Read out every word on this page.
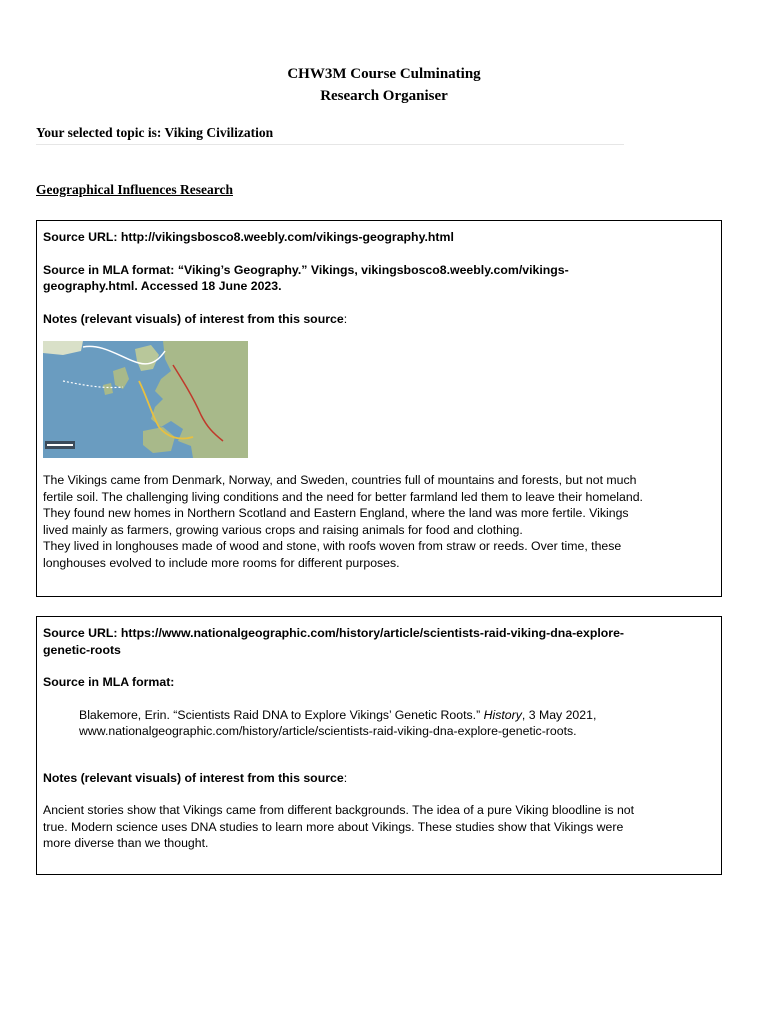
CHW3M Course Culminating
Research Organiser
Your selected topic is: Viking Civilization
Geographical Influences Research

Source URL: http://vikingsbosco8.weebly.com/vikings-geography.html

Source in MLA format: “Viking’s Geography.” Vikings, vikingsbosco8.weebly.com/vikings-

geography.html. Accessed 18 June 2023.

Notes (relevant visuals) of interest from this source:

The Vikings came from Denmark, Norway, and Sweden, countries full of mountains and forests, but not much

fertile soil. The challenging living conditions and the need for better farmland led them to leave their homeland.

They found new homes in Northern Scotland and Eastern England, where the land was more fertile. Vikings

lived mainly as farmers, growing various crops and raising animals for food and clothing.

They lived in longhouses made of wood and stone, with roofs woven from straw or reeds. Over time, these

longhouses evolved to include more rooms for different purposes.

Source URL: https://www.nationalgeographic.com/history/article/scientists-raid-viking-dna-explore-

genetic-roots

Source in MLA format:

Blakemore, Erin. “Scientists Raid DNA to Explore Vikings’ Genetic Roots.” History, 3 May 2021,

www.nationalgeographic.com/history/article/scientists-raid-viking-dna-explore-genetic-roots.

Notes (relevant visuals) of interest from this source:

Ancient stories show that Vikings came from different backgrounds. The idea of a pure Viking bloodline is not

true. Modern science uses DNA studies to learn more about Vikings. These studies show that Vikings were

more diverse than we thought.
